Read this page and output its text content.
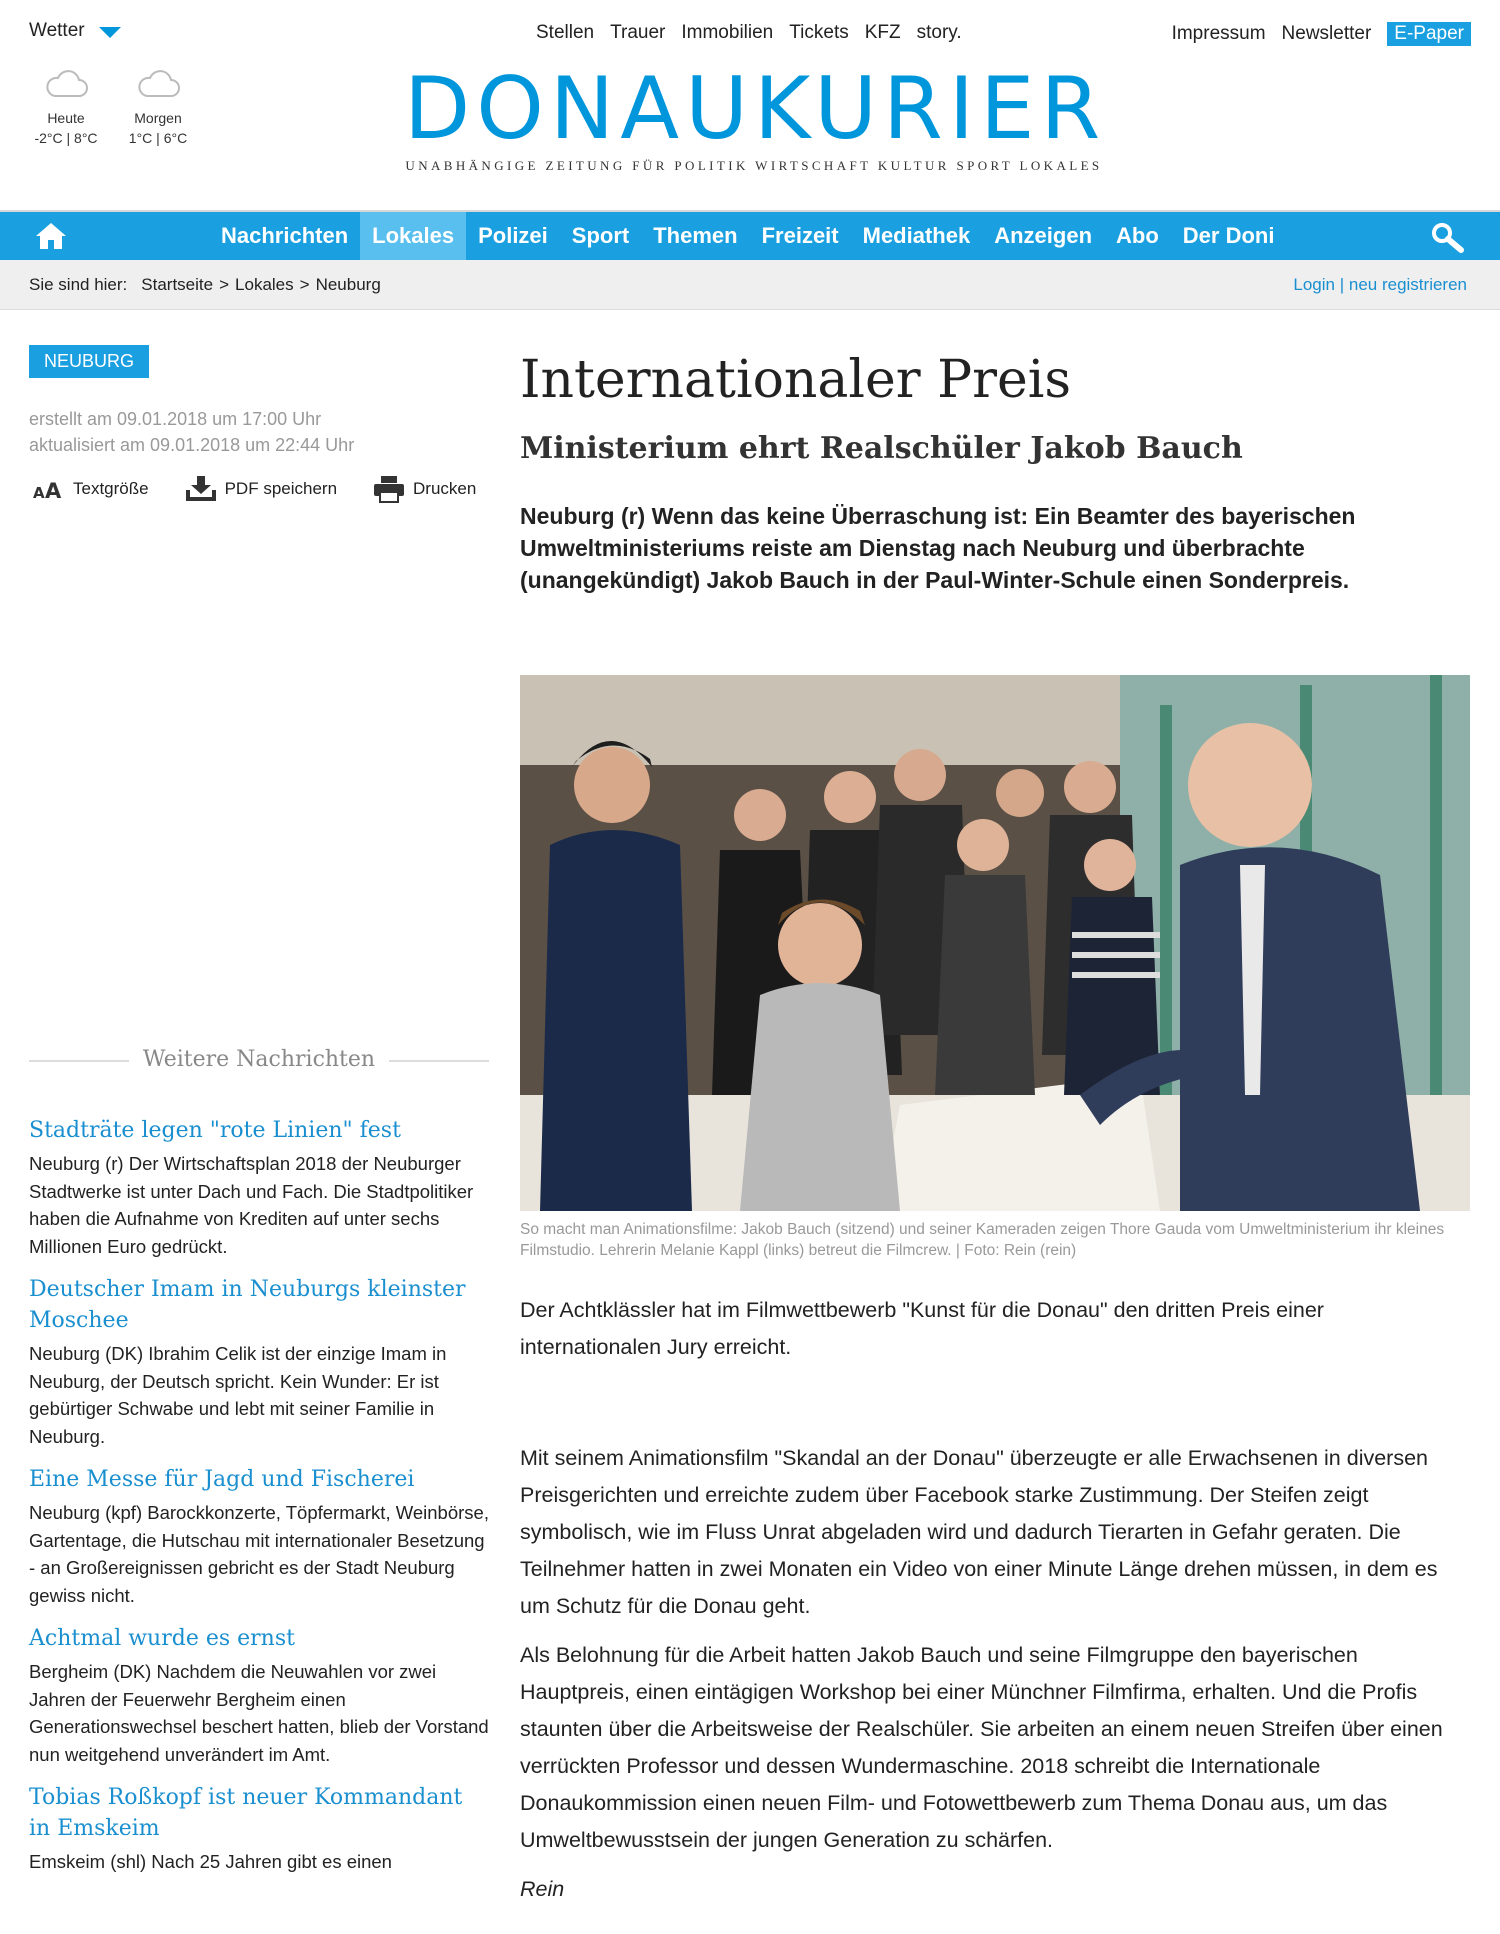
Wetter
Heute
-2°C | 8°C
Morgen
1°C | 6°C
Stellen Trauer Immobilien Tickets KFZ story.	Impressum Newsletter	E-Paper
DONAUKURIER
UNABHÄNGIGE ZEITUNG FÜR POLITIK WIRTSCHAFT KULTUR SPORT LOKALES
Nachrichten	Lokales	Polizei	Sport	Themen	Freizeit	Mediathek	Anzeigen	Abo	Der Doni
Sie sind hier: Startseite > Lokales > Neuburg	Login | neu registrieren
NEUBURG
erstellt am 09.01.2018 um 17:00 Uhr
aktualisiert am 09.01.2018 um 22:44 Uhr
A A Textgröße	PDF speichern	Drucken
Weitere Nachrichten
Stadträte legen "rote Linien" fest
Neuburg (r) Der Wirtschaftsplan 2018 der Neuburger Stadtwerke ist unter Dach und Fach. Die Stadtpolitiker haben die Aufnahme von Krediten auf unter sechs Millionen Euro gedrückt.
Deutscher Imam in Neuburgs kleinster Moschee
Neuburg (DK) Ibrahim Celik ist der einzige Imam in Neuburg, der Deutsch spricht. Kein Wunder: Er ist gebürtiger Schwabe und lebt mit seiner Familie in Neuburg.
Eine Messe für Jagd und Fischerei
Neuburg (kpf) Barockkonzerte, Töpfermarkt, Weinbörse, Gartentage, die Hutschau mit internationaler Besetzung - an Großereignissen gebricht es der Stadt Neuburg gewiss nicht.
Achtmal wurde es ernst
Bergheim (DK) Nachdem die Neuwahlen vor zwei Jahren der Feuerwehr Bergheim einen Generationswechsel beschert hatten, blieb der Vorstand nun weitgehend unverändert im Amt.
Tobias Roßkopf ist neuer Kommandant in Emskeim
Emskeim (shl) Nach 25 Jahren gibt es einen
Internationaler Preis
Ministerium ehrt Realschüler Jakob Bauch

Neuburg (r) Wenn das keine Überraschung ist: Ein Beamter des bayerischen Umweltministeriums reiste am Dienstag nach Neuburg und überbrachte (unangekündigt) Jakob Bauch in der Paul-Winter-Schule einen Sonderpreis.

So macht man Animationsfilme: Jakob Bauch (sitzend) und seiner Kameraden zeigen Thore Gauda vom Umweltministerium ihr kleines Filmstudio. Lehrerin Melanie Kappl (links) betreut die Filmcrew. | Foto: Rein (rein)

Der Achtklässler hat im Filmwettbewerb "Kunst für die Donau" den dritten Preis einer internationalen Jury erreicht.

Mit seinem Animationsfilm "Skandal an der Donau" überzeugte er alle Erwachsenen in diversen Preisgerichten und erreichte zudem über Facebook starke Zustimmung. Der Steifen zeigt symbolisch, wie im Fluss Unrat abgeladen wird und dadurch Tierarten in Gefahr geraten. Die Teilnehmer hatten in zwei Monaten ein Video von einer Minute Länge drehen müssen, in dem es um Schutz für die Donau geht.

Als Belohnung für die Arbeit hatten Jakob Bauch und seine Filmgruppe den bayerischen Hauptpreis, einen eintägigen Workshop bei einer Münchner Filmfirma, erhalten. Und die Profis staunten über die Arbeitsweise der Realschüler. Sie arbeiten an einem neuen Streifen über einen verrückten Professor und dessen Wundermaschine. 2018 schreibt die Internationale Donaukommission einen neuen Film- und Fotowettbewerb zum Thema Donau aus, um das Umweltbewusstsein der jungen Generation zu schärfen.

Rein
